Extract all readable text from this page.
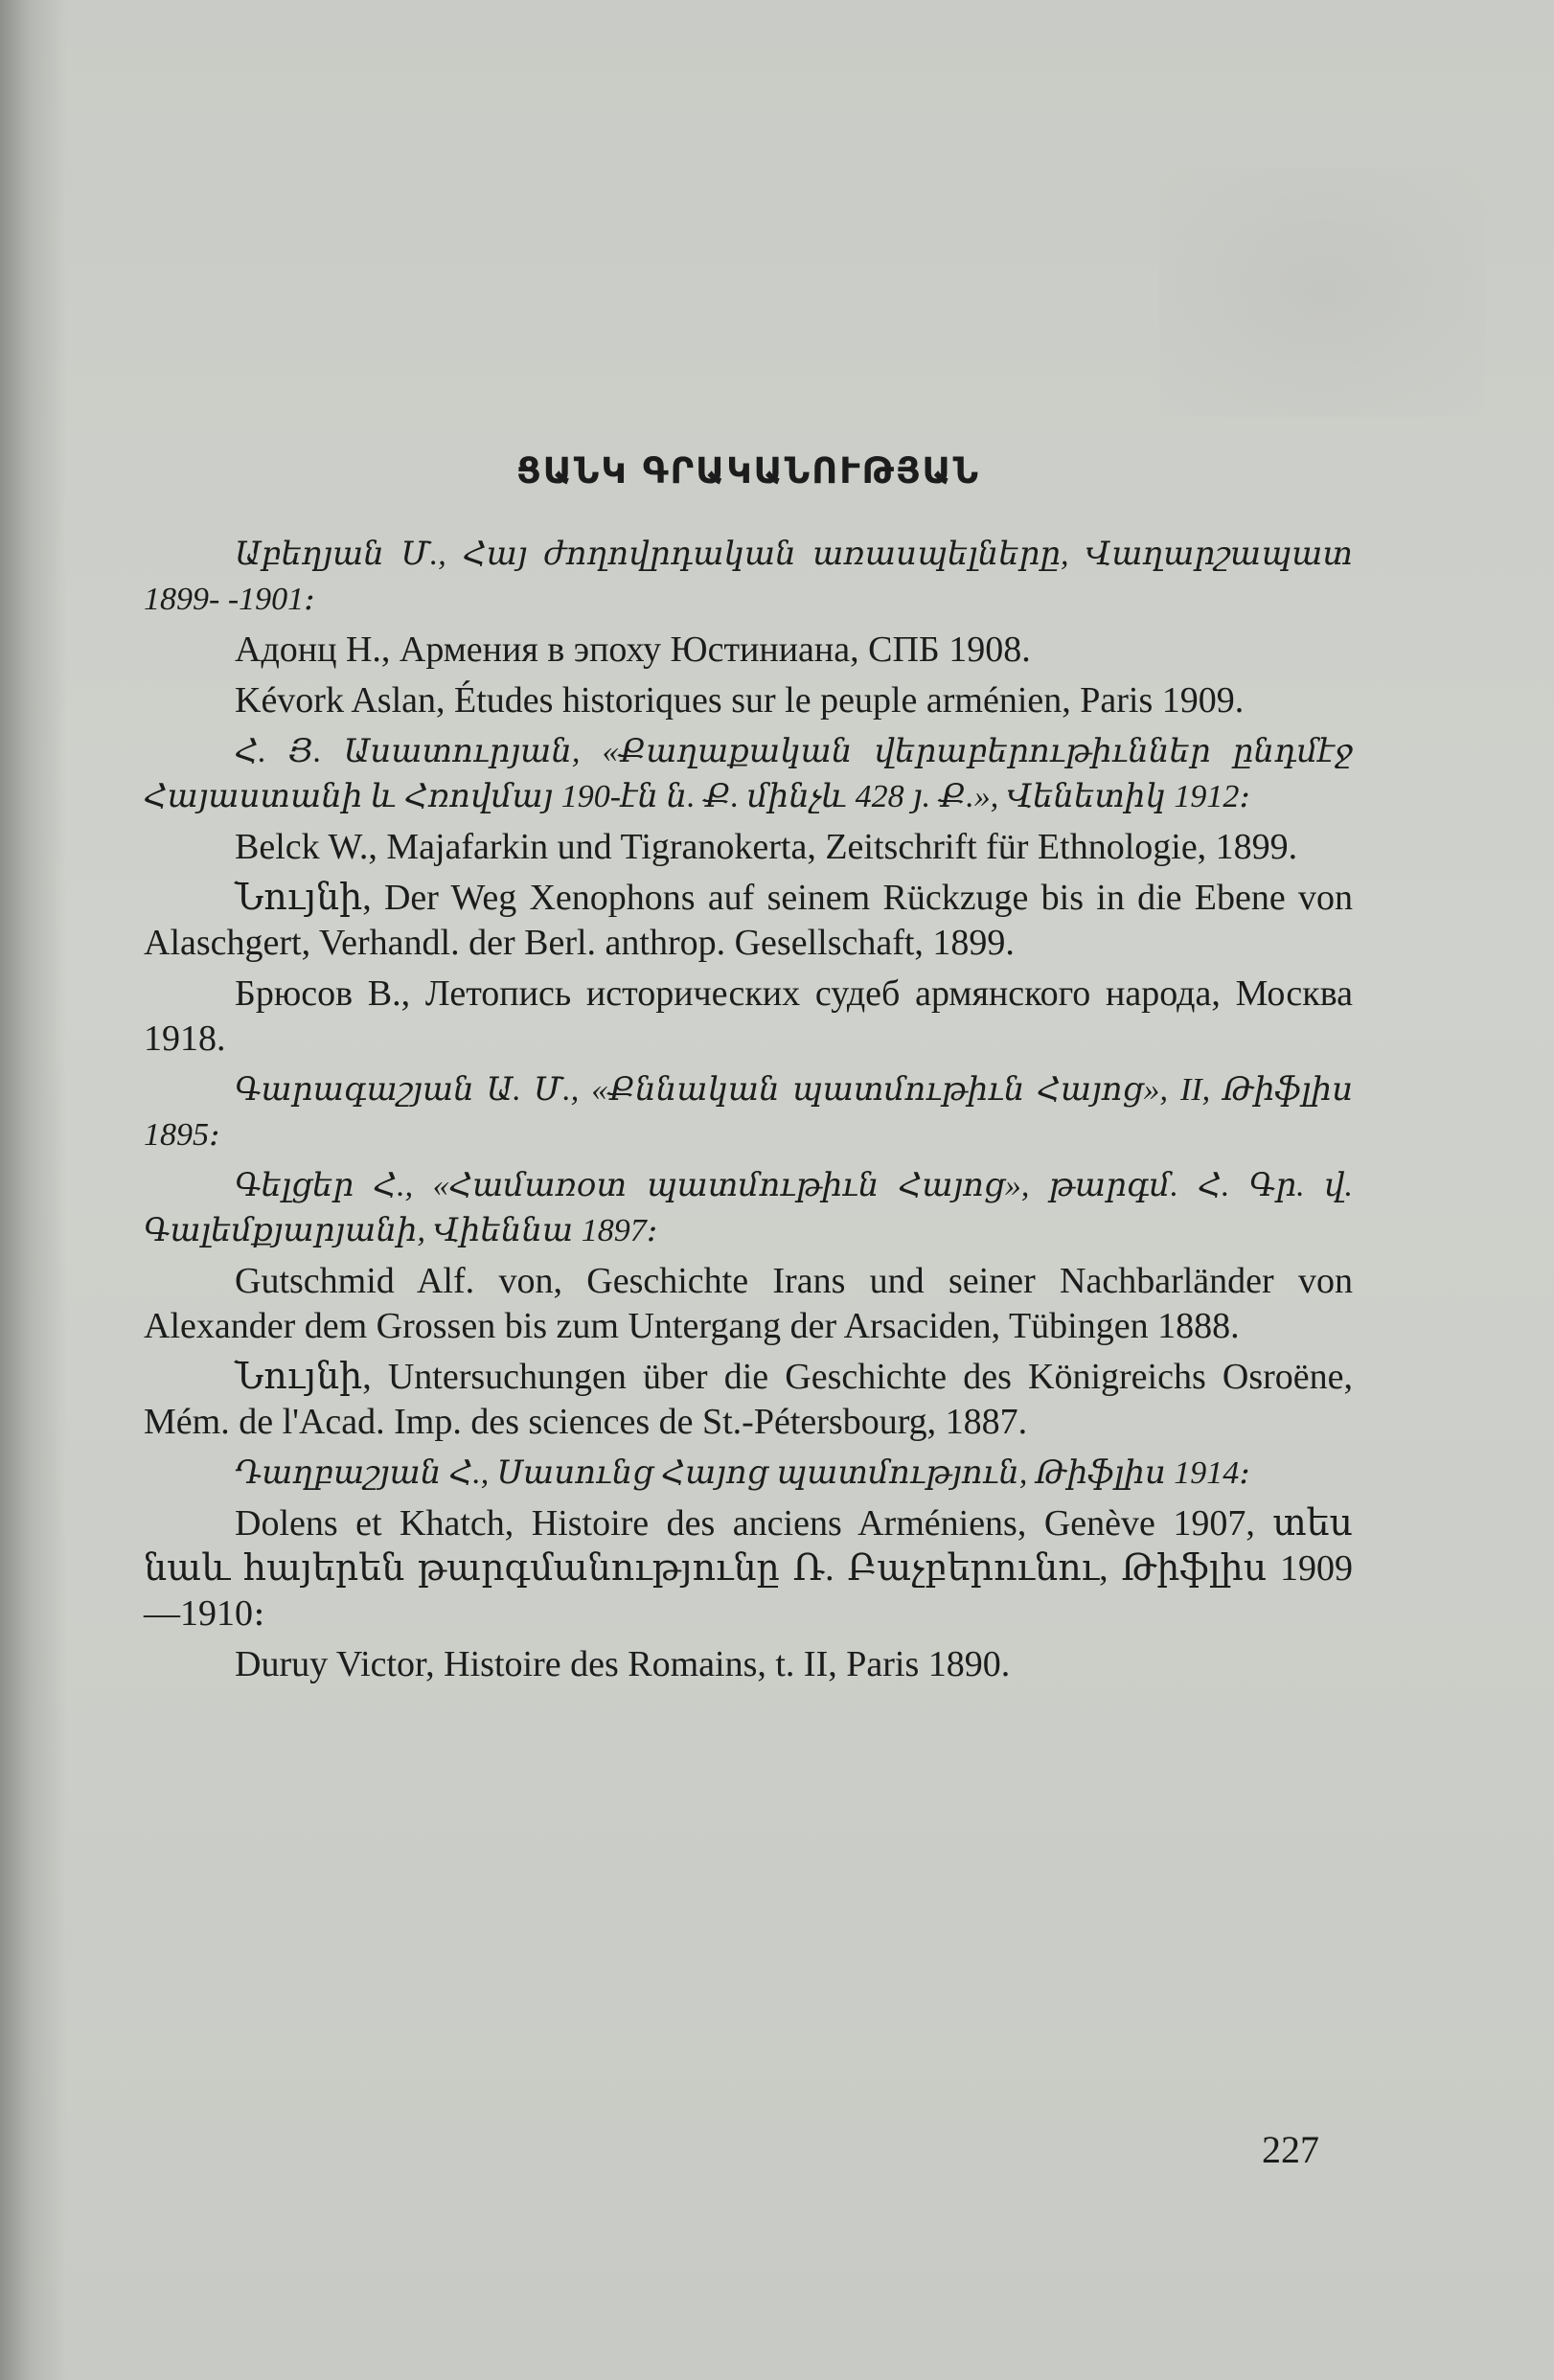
ՑԱՆԿ ԳՐԱԿԱՆՈՒԹՅԱՆ

Աբեղյան Մ., Հայ ժողովրդական առասպելները, Վաղարշապատ 1899- -1901։

Адонц Н., Армения в эпоху Юстиниана, СПБ 1908.

Kévork Aslan, Études historiques sur le peuple arménien, Paris 1909.

Հ. Յ. Ասատուրյան, «Քաղաքական վերաբերութիւններ ընդմէջ Հայաստանի և Հռովմայ 190-էն ն. Ք. մինչև 428 յ. Ք.», Վենետիկ 1912։

Belck W., Majafarkin und Tigranokerta, Zeitschrift für Ethnologie, 1899.

Նույնի, Der Weg Xenophons auf seinem Rückzuge bis in die Ebene von Alaschgert, Verhandl. der Berl. anthrop. Gesellschaft, 1899.

Брюсов В., Летопись исторических судеб армянского народа, Москва 1918.

Գարագաշյան Ա. Մ., «Քննական պատմութիւն Հայոց», II, Թիֆլիս 1895։

Գելցեր Հ., «Համառօտ պատմութիւն Հայոց», թարգմ. Հ. Գր. վ. Գալեմքյարյանի, Վիեննա 1897։

Gutschmid Alf. von, Geschichte Irans und seiner Nachbarländer von Alexander dem Grossen bis zum Untergang der Arsaciden, Tübingen 1888.

Նույնի, Untersuchungen über die Geschichte des Königreichs Osroëne, Mém. de l'Acad. Imp. des sciences de St.-Pétersbourg, 1887.

Դաղբաշյան Հ., Սասունց Հայոց պատմություն, Թիֆլիս 1914։

Dolens et Khatch, Histoire des anciens Arméniens, Genève 1907, տես նաև հայերեն թարգմանությունը Ռ. Բաչբերունու, Թիֆլիս 1909—1910։

Duruy Victor, Histoire des Romains, t. II, Paris 1890.

227
